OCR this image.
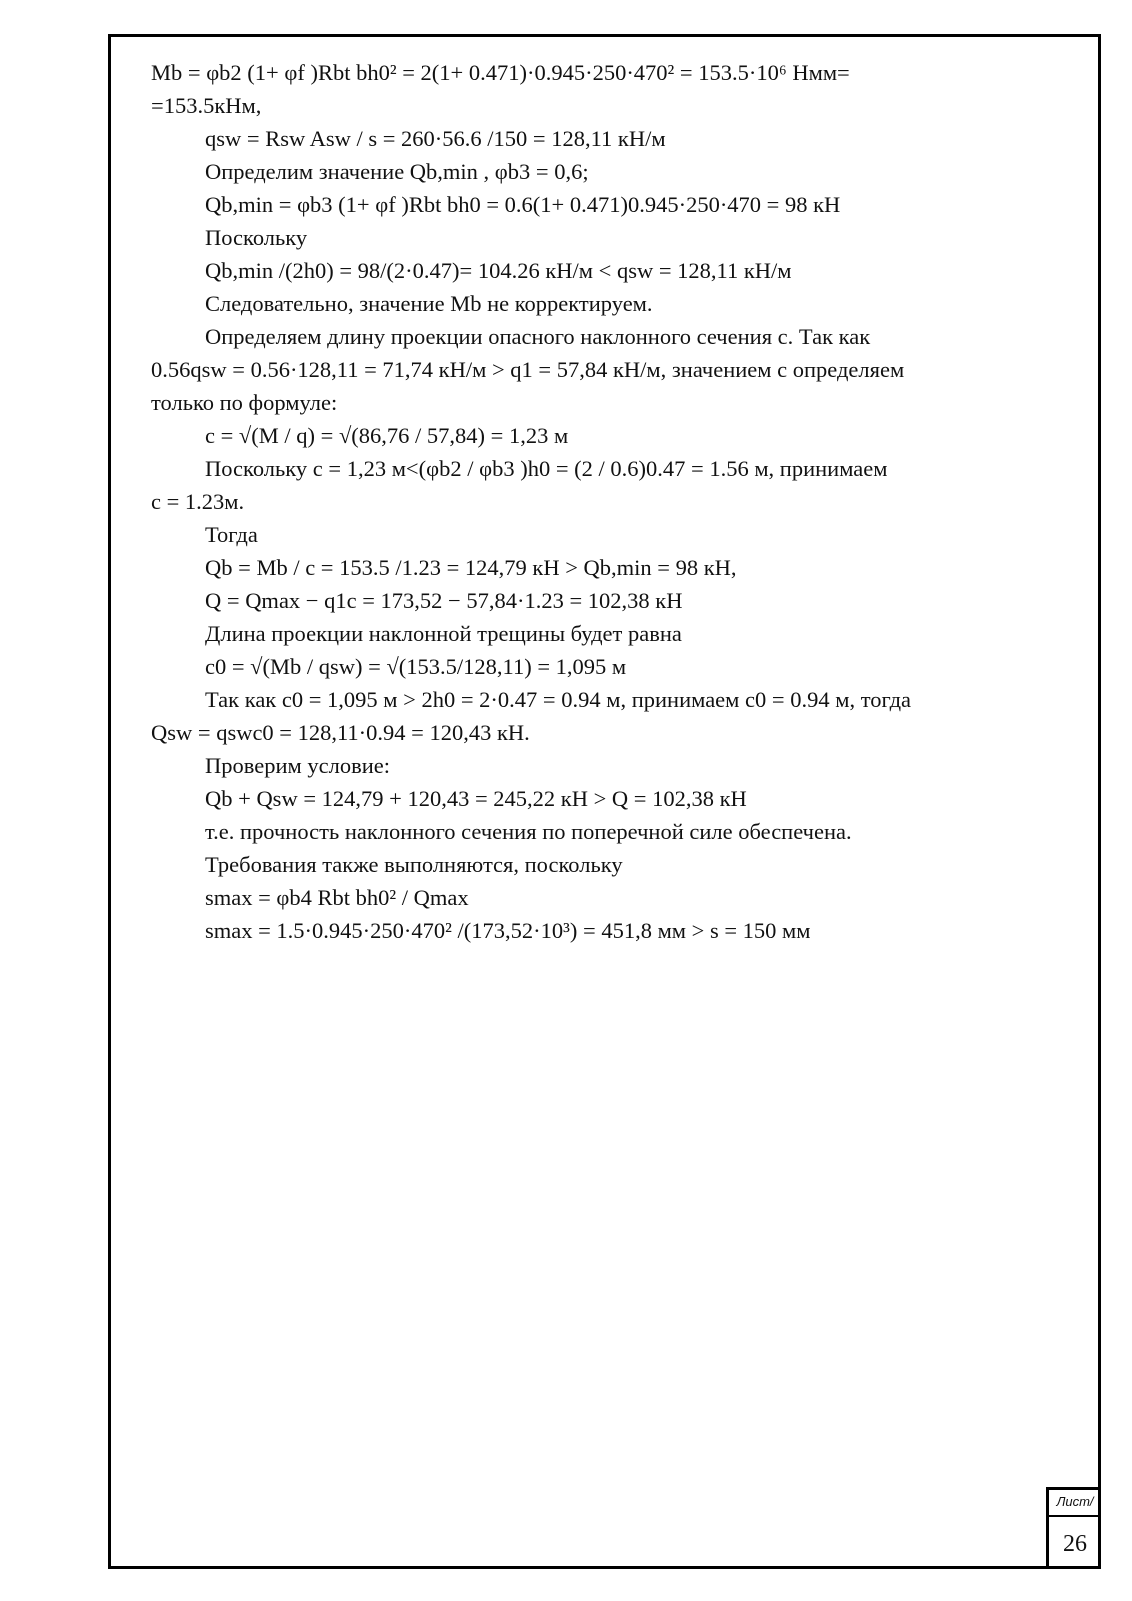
Mb = φb2 (1+ φf )Rbt bh0² = 2(1+ 0.471)·0.945·250·470² = 153.5·10⁶ Нмм=
=153.5кНм,
qsw = Rsw Asw / s = 260·56.6 /150 = 128,11 кН/м
Определим значение Qb,min , φb3 = 0,6;
Qb,min = φb3 (1+ φf )Rbt bh0 = 0.6(1+ 0.471)0.945·250·470 = 98 кН
Поскольку
Qb,min /(2h0) = 98/(2·0.47)= 104.26 кН/м < qsw = 128,11 кН/м
Следовательно, значение Mb не корректируем.
Определяем длину проекции опасного наклонного сечения с. Так как
0.56qsw = 0.56·128,11 = 71,74 кН/м > q1 = 57,84 кН/м, значением с определяем
только по формуле:
c = √(M / q) = √(86,76 / 57,84) = 1,23 м
Поскольку c = 1,23 м<(φb2 / φb3 )h0 = (2 / 0.6)0.47 = 1.56 м, принимаем
c = 1.23м.
Тогда
Qb = Mb / c = 153.5 /1.23 = 124,79 кН > Qb,min = 98 кН,
Q = Qmax − q1c = 173,52 − 57,84·1.23 = 102,38 кН
Длина проекции наклонной трещины будет равна
c0 = √(Mb / qsw) = √(153.5/128,11) = 1,095 м
Так как c0 = 1,095 м > 2h0 = 2·0.47 = 0.94 м, принимаем c0 = 0.94 м, тогда
Qsw = qswc0 = 128,11·0.94 = 120,43 кН.
Проверим условие:
Qb + Qsw = 124,79 + 120,43 = 245,22 кН > Q = 102,38 кН
т.е. прочность наклонного сечения по поперечной силе обеспечена.
Требования также выполняются, поскольку
smax = φb4 Rbt bh0² / Qmax
smax = 1.5·0.945·250·470² /(173,52·10³) = 451,8 мм > s = 150 мм
Лист/
26
